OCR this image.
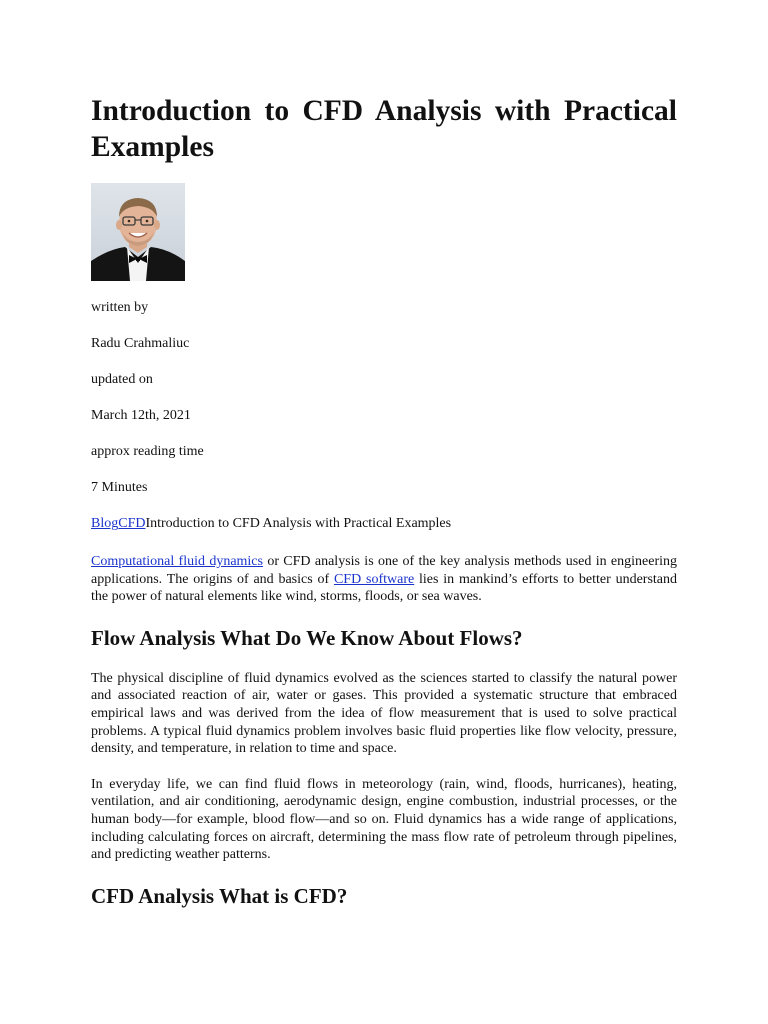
Introduction to CFD Analysis with Practical Examples

written by

Radu Crahmaliuc

updated on

March 12th, 2021

approx reading time

7 Minutes

BlogCFDIntroduction to CFD Analysis with Practical Examples

Computational fluid dynamics or CFD analysis is one of the key analysis methods used in engineering applications. The origins of and basics of CFD software lies in mankind’s efforts to better understand the power of natural elements like wind, storms, floods, or sea waves.

Flow Analysis What Do We Know About Flows?

The physical discipline of fluid dynamics evolved as the sciences started to classify the natural power and associated reaction of air, water or gases. This provided a systematic structure that embraced empirical laws and was derived from the idea of flow measurement that is used to solve practical problems. A typical fluid dynamics problem involves basic fluid properties like flow velocity, pressure, density, and temperature, in relation to time and space.

In everyday life, we can find fluid flows in meteorology (rain, wind, floods, hurricanes), heating, ventilation, and air conditioning, aerodynamic design, engine combustion, industrial processes, or the human body—for example, blood flow—and so on. Fluid dynamics has a wide range of applications, including calculating forces on aircraft, determining the mass flow rate of petroleum through pipelines, and predicting weather patterns.

CFD Analysis What is CFD?
